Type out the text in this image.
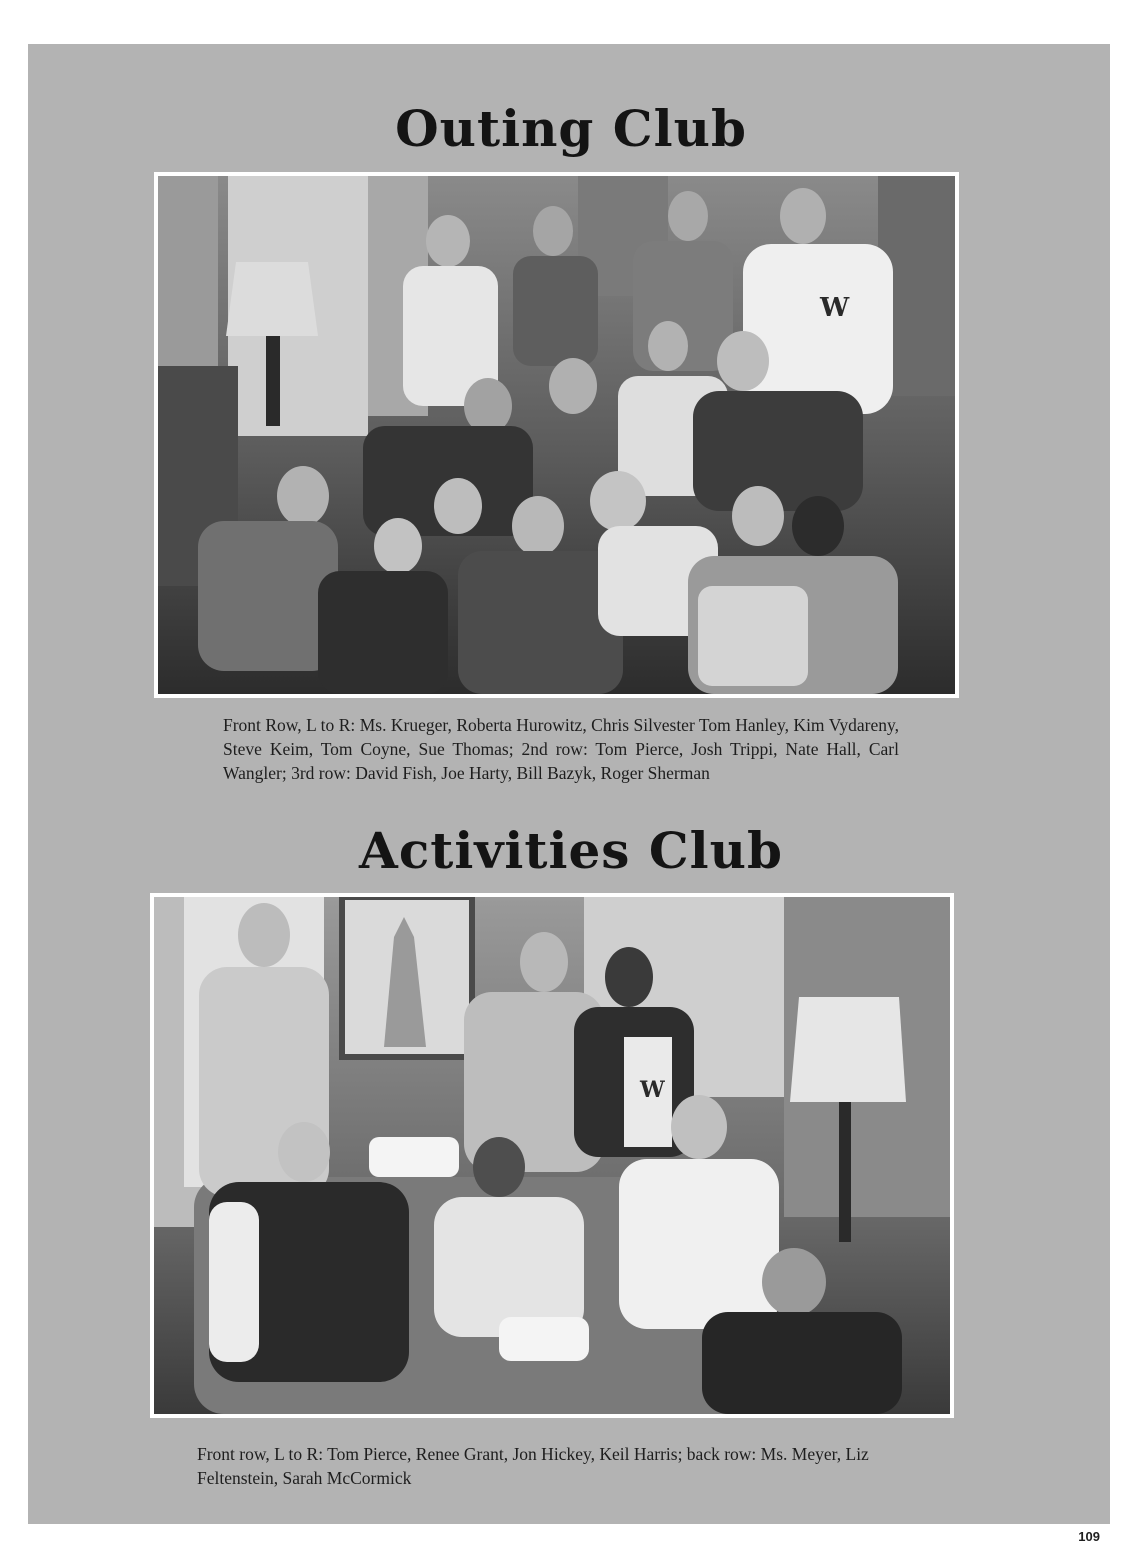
Outing Club
W

Front Row, L to R: Ms. Krueger, Roberta Hurowitz, Chris Silvester Tom Hanley, Kim Vydareny, Steve Keim, Tom Coyne, Sue Thomas; 2nd row: Tom Pierce, Josh Trippi, Nate Hall, Carl Wangler; 3rd row: David Fish, Joe Harty, Bill Bazyk, Roger Sherman

Activities Club
W

Front row, L to R: Tom Pierce, Renee Grant, Jon Hickey, Keil Harris; back row: Ms. Meyer, Liz Feltenstein, Sarah McCormick

109
